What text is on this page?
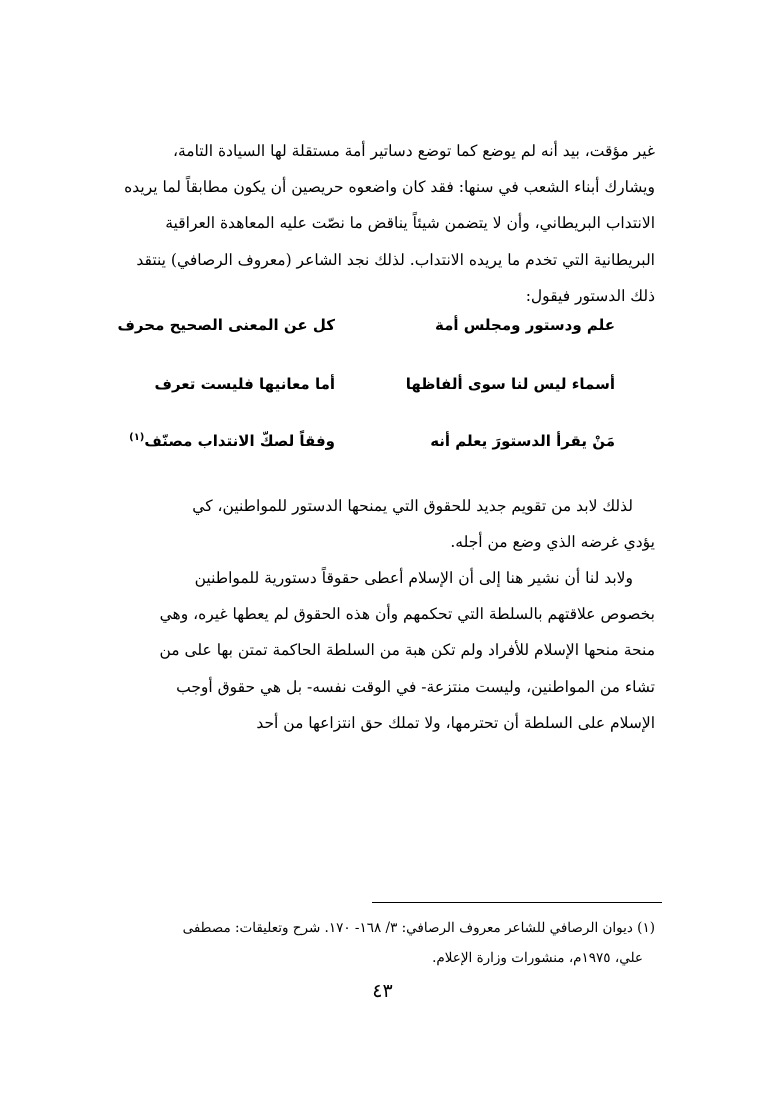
غير مؤقت، بيد أنه لم يوضع كما توضع دساتير أمة مستقلة لها السيادة التامة،
ويشارك أبناء الشعب في سنها: فقد كان واضعوه حريصين أن يكون مطابقاً لما يريده
الانتداب البريطاني، وأن لا يتضمن شيئاً يناقض ما نصّت عليه المعاهدة العراقية
البريطانية التي تخدم ما يريده الانتداب. لذلك نجد الشاعر (معروف الرصافي) ينتقد
ذلك الدستور فيقول:
علم ودستور ومجلس أمة
كل عن المعنى الصحيح محرف
أسماء ليس لنا سوى ألفاظها
أما معانيها فليست تعرف
مَنْ يقرأ الدستورَ يعلم أنه
وفقاً لصكّ الانتداب مصنّف$^{(١)}$
لذلك لابد من تقويم جديد للحقوق التي يمنحها الدستور للمواطنين، كي
يؤدي غرضه الذي وضع من أجله.
ولابد لنا أن نشير هنا إلى أن الإسلام أعطى حقوقاً دستورية للمواطنين
بخصوص علاقتهم بالسلطة التي تحكمهم وأن هذه الحقوق لم يعطها غيره، وهي
منحة منحها الإسلام للأفراد ولم تكن هبة من السلطة الحاكمة تمتن بها على من
تشاء من المواطنين، وليست منتزعة- في الوقت نفسه- بل هي حقوق أوجب
الإسلام على السلطة أن تحترمها، ولا تملك حق انتزاعها من أحد
(١) ديوان الرصافي للشاعر معروف الرصافي: ٣/ ١٦٨- ١٧٠. شرح وتعليقات: مصطفى
علي، ١٩٧٥م، منشورات وزارة الإعلام.
٤٣
